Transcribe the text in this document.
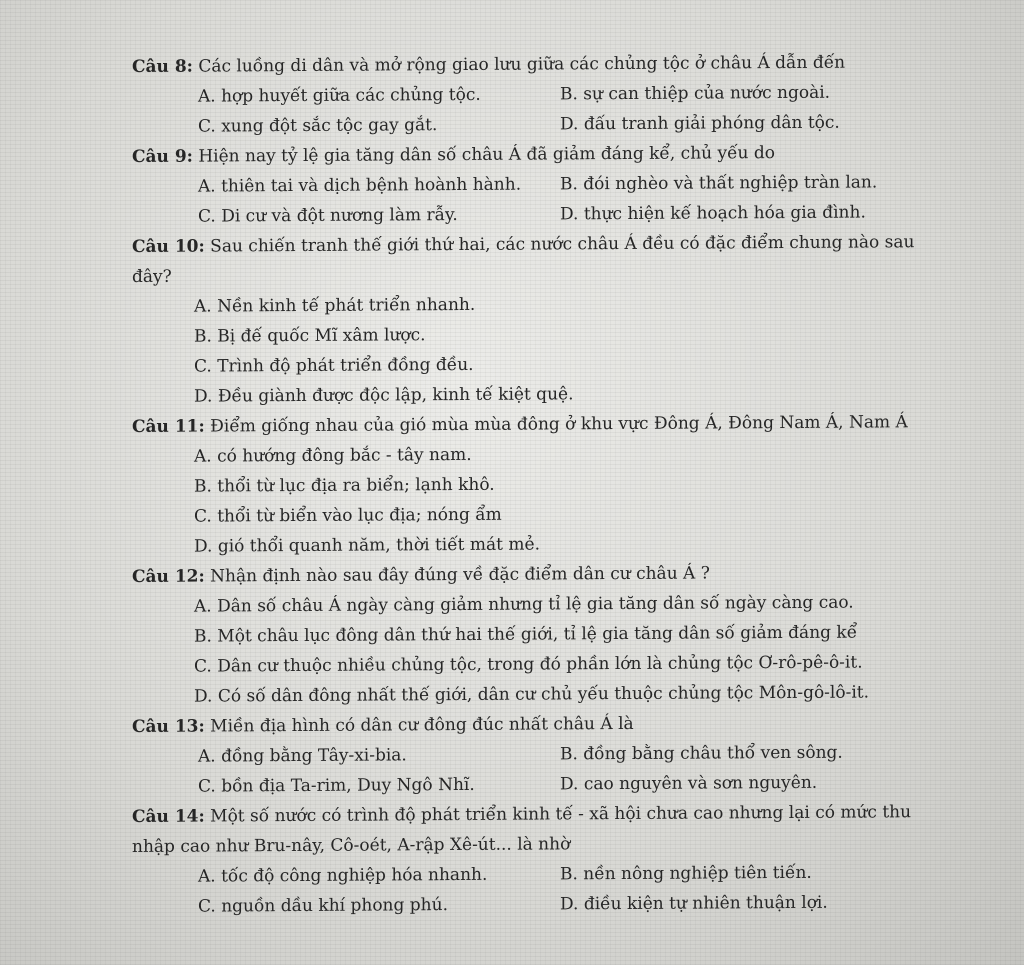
Câu 8: Các luồng di dân và mở rộng giao lưu giữa các chủng tộc ở châu Á dẫn đến
A. hợp huyết giữa các chủng tộc.	B. sự can thiệp của nước ngoài.
C. xung đột sắc tộc gay gắt.	D. đấu tranh giải phóng dân tộc.
Câu 9: Hiện nay tỷ lệ gia tăng dân số châu Á đã giảm đáng kể, chủ yếu do
A. thiên tai và dịch bệnh hoành hành.	B. đói nghèo và thất nghiệp tràn lan.
C. Di cư và đột nương làm rẫy.	D. thực hiện kế hoạch hóa gia đình.
Câu 10: Sau chiến tranh thế giới thứ hai, các nước châu Á đều có đặc điểm chung nào sau đây?
A. Nền kinh tế phát triển nhanh.
B. Bị đế quốc Mĩ xâm lược.
C. Trình độ phát triển đồng đều.
D. Đều giành được độc lập, kinh tế kiệt quệ.
Câu 11: Điểm giống nhau của gió mùa mùa đông ở khu vực Đông Á, Đông Nam Á, Nam Á
A. có hướng đông bắc - tây nam.
B. thổi từ lục địa ra biển; lạnh khô.
C. thổi từ biển vào lục địa; nóng ẩm
D. gió thổi quanh năm, thời tiết mát mẻ.
Câu 12: Nhận định nào sau đây đúng về đặc điểm dân cư châu Á ?
A. Dân số châu Á ngày càng giảm nhưng tỉ lệ gia tăng dân số ngày càng cao.
B. Một châu lục đông dân thứ hai thế giới, tỉ lệ gia tăng dân số giảm đáng kể
C. Dân cư thuộc nhiều chủng tộc, trong đó phần lớn là chủng tộc Ơ-rô-pê-ô-it.
D. Có số dân đông nhất thế giới, dân cư chủ yếu thuộc chủng tộc Môn-gô-lô-it.
Câu 13: Miền địa hình có dân cư đông đúc nhất châu Á là
A. đồng bằng Tây-xi-bia.	B. đồng bằng châu thổ ven sông.
C. bồn địa Ta-rim, Duy Ngô Nhĩ.	D. cao nguyên và sơn nguyên.
Câu 14: Một số nước có trình độ phát triển kinh tế - xã hội chưa cao nhưng lại có mức thu nhập cao như Bru-nây, Cô-oét, A-rập Xê-út... là nhờ
A. tốc độ công nghiệp hóa nhanh.	B. nền nông nghiệp tiên tiến.
C. nguồn dầu khí phong phú.	D. điều kiện tự nhiên thuận lợi.
